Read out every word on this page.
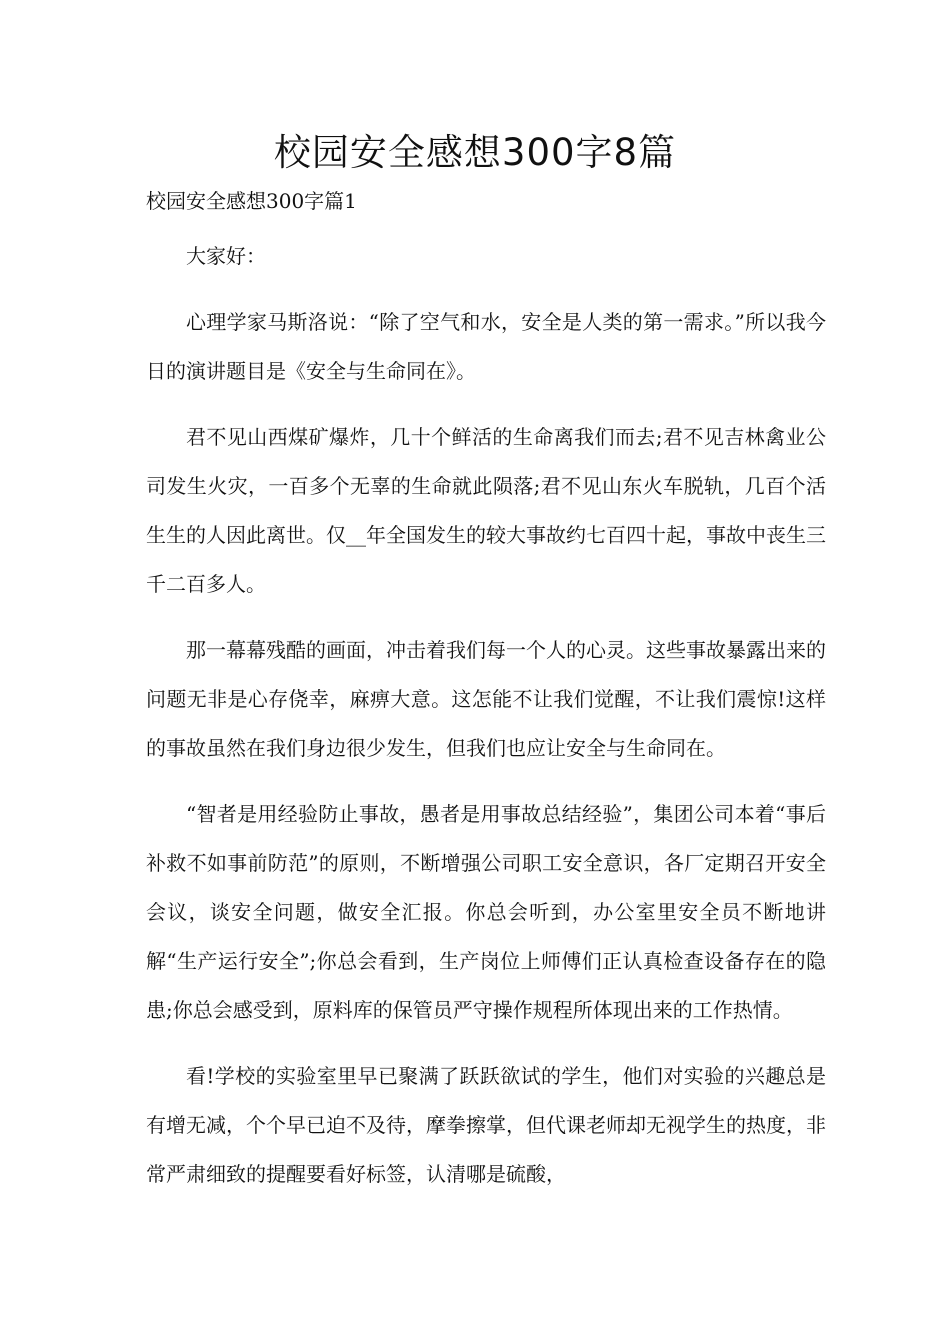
校园安全感想300字8篇
校园安全感想300字篇1

大家好：

心理学家马斯洛说：“除了空气和水，安全是人类的第一需求。”所以我今日的演讲题目是《安全与生命同在》。

君不见山西煤矿爆炸，几十个鲜活的生命离我们而去;君不见吉林禽业公司发生火灾，一百多个无辜的生命就此陨落;君不见山东火车脱轨，几百个活生生的人因此离世。仅__年全国发生的较大事故约七百四十起，事故中丧生三千二百多人。

那一幕幕残酷的画面，冲击着我们每一个人的心灵。这些事故暴露出来的问题无非是心存侥幸，麻痹大意。这怎能不让我们觉醒，不让我们震惊!这样的事故虽然在我们身边很少发生，但我们也应让安全与生命同在。

“智者是用经验防止事故，愚者是用事故总结经验”，集团公司本着“事后补救不如事前防范”的原则，不断增强公司职工安全意识，各厂定期召开安全会议，谈安全问题，做安全汇报。你总会听到，办公室里安全员不断地讲解“生产运行安全”;你总会看到，生产岗位上师傅们正认真检查设备存在的隐患;你总会感受到，原料库的保管员严守操作规程所体现出来的工作热情。

看!学校的实验室里早已聚满了跃跃欲试的学生，他们对实验的兴趣总是有增无减，个个早已迫不及待，摩拳擦掌，但代课老师却无视学生的热度，非常严肃细致的提醒要看好标签，认清哪是硫酸，
